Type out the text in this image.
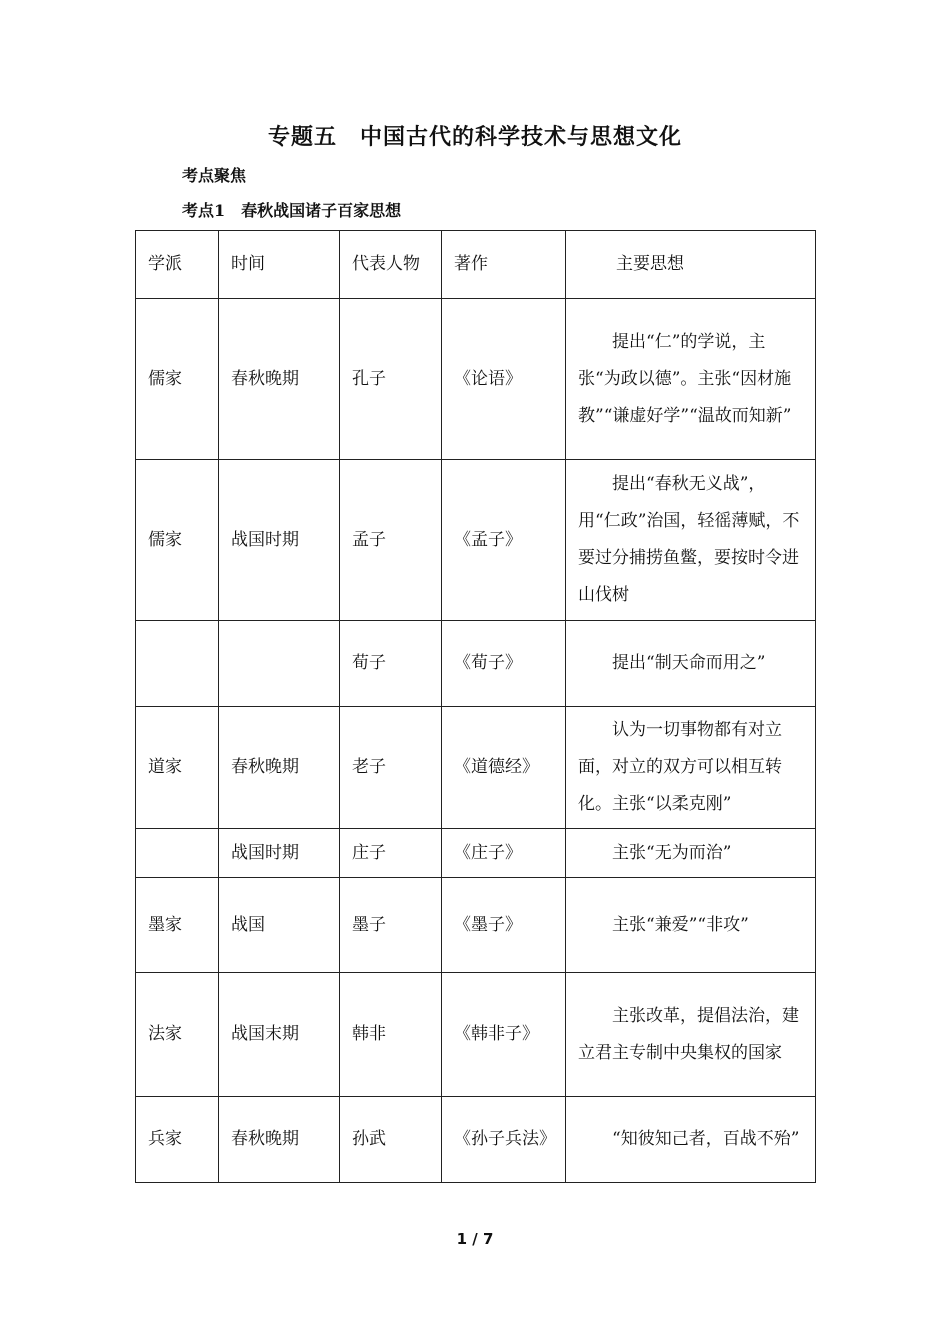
专题五　中国古代的科学技术与思想文化
考点聚焦
考点1　春秋战国诸子百家思想
学派	时间	代表人物	著作	主要思想
儒家	春秋晚期	孔子	《论语》	提出“仁”的学说，主张“为政以德”。主张“因材施教”“谦虚好学”“温故而知新”

儒家	战国时期	孟子	《孟子》	提出“春秋无义战”，用“仁政”治国，轻徭薄赋，不要过分捕捞鱼鳖，要按时令进山伐树

		荀子	《荀子》	提出“制天命而用之”

道家	春秋晚期	老子	《道德经》	认为一切事物都有对立面，对立的双方可以相互转化。主张“以柔克刚”

	战国时期	庄子	《庄子》	主张“无为而治”

墨家	战国	墨子	《墨子》	主张“兼爱”“非攻”

法家	战国末期	韩非	《韩非子》	主张改革，提倡法治，建立君主专制中央集权的国家

兵家	春秋晚期	孙武	《孙子兵法》	“知彼知己者，百战不殆”
1 / 7
